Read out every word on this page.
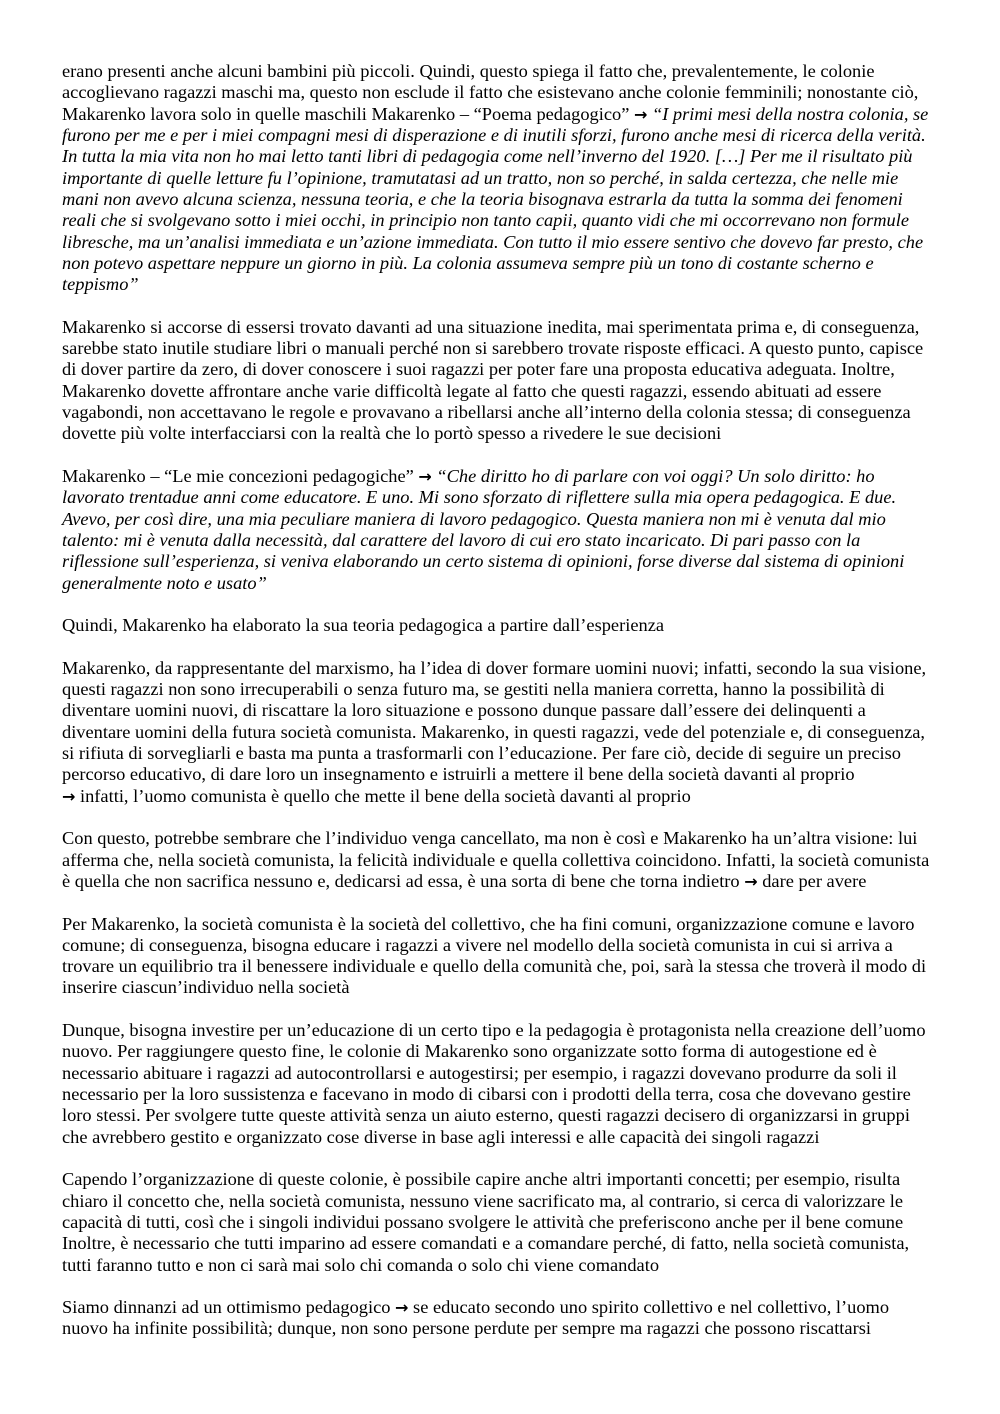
erano presenti anche alcuni bambini più piccoli. Quindi, questo spiega il fatto che, prevalentemente, le colonie
accoglievano ragazzi maschi ma, questo non esclude il fatto che esistevano anche colonie femminili; nonostante ciò,
Makarenko lavora solo in quelle maschili Makarenko – “Poema pedagogico” → “I primi mesi della nostra colonia, se
furono per me e per i miei compagni mesi di disperazione e di inutili sforzi, furono anche mesi di ricerca della verità.
In tutta la mia vita non ho mai letto tanti libri di pedagogia come nell’inverno del 1920. […] Per me il risultato più
importante di quelle letture fu l’opinione, tramutatasi ad un tratto, non so perché, in salda certezza, che nelle mie
mani non avevo alcuna scienza, nessuna teoria, e che la teoria bisognava estrarla da tutta la somma dei fenomeni
reali che si svolgevano sotto i miei occhi, in principio non tanto capii, quanto vidi che mi occorrevano non formule
libresche, ma un’analisi immediata e un’azione immediata. Con tutto il mio essere sentivo che dovevo far presto, che
non potevo aspettare neppure un giorno in più. La colonia assumeva sempre più un tono di costante scherno e
teppismo”
Makarenko si accorse di essersi trovato davanti ad una situazione inedita, mai sperimentata prima e, di conseguenza,
sarebbe stato inutile studiare libri o manuali perché non si sarebbero trovate risposte efficaci. A questo punto, capisce
di dover partire da zero, di dover conoscere i suoi ragazzi per poter fare una proposta educativa adeguata. Inoltre,
Makarenko dovette affrontare anche varie difficoltà legate al fatto che questi ragazzi, essendo abituati ad essere
vagabondi, non accettavano le regole e provavano a ribellarsi anche all’interno della colonia stessa; di conseguenza
dovette più volte interfacciarsi con la realtà che lo portò spesso a rivedere le sue decisioni
Makarenko – “Le mie concezioni pedagogiche” → “Che diritto ho di parlare con voi oggi? Un solo diritto: ho
lavorato trentadue anni come educatore. E uno. Mi sono sforzato di riflettere sulla mia opera pedagogica. E due.
Avevo, per così dire, una mia peculiare maniera di lavoro pedagogico. Questa maniera non mi è venuta dal mio
talento: mi è venuta dalla necessità, dal carattere del lavoro di cui ero stato incaricato. Di pari passo con la
riflessione sull’esperienza, si veniva elaborando un certo sistema di opinioni, forse diverse dal sistema di opinioni
generalmente noto e usato”
Quindi, Makarenko ha elaborato la sua teoria pedagogica a partire dall’esperienza
Makarenko, da rappresentante del marxismo, ha l’idea di dover formare uomini nuovi; infatti, secondo la sua visione,
questi ragazzi non sono irrecuperabili o senza futuro ma, se gestiti nella maniera corretta, hanno la possibilità di
diventare uomini nuovi, di riscattare la loro situazione e possono dunque passare dall’essere dei delinquenti a
diventare uomini della futura società comunista. Makarenko, in questi ragazzi, vede del potenziale e, di conseguenza,
si rifiuta di sorvegliarli e basta ma punta a trasformarli con l’educazione. Per fare ciò, decide di seguire un preciso
percorso educativo, di dare loro un insegnamento e istruirli a mettere il bene della società davanti al proprio
→ infatti, l’uomo comunista è quello che mette il bene della società davanti al proprio
Con questo, potrebbe sembrare che l’individuo venga cancellato, ma non è così e Makarenko ha un’altra visione: lui
afferma che, nella società comunista, la felicità individuale e quella collettiva coincidono. Infatti, la società comunista
è quella che non sacrifica nessuno e, dedicarsi ad essa, è una sorta di bene che torna indietro → dare per avere
Per Makarenko, la società comunista è la società del collettivo, che ha fini comuni, organizzazione comune e lavoro
comune; di conseguenza, bisogna educare i ragazzi a vivere nel modello della società comunista in cui si arriva a
trovare un equilibrio tra il benessere individuale e quello della comunità che, poi, sarà la stessa che troverà il modo di
inserire ciascun’individuo nella società
Dunque, bisogna investire per un’educazione di un certo tipo e la pedagogia è protagonista nella creazione dell’uomo
nuovo. Per raggiungere questo fine, le colonie di Makarenko sono organizzate sotto forma di autogestione ed è
necessario abituare i ragazzi ad autocontrollarsi e autogestirsi; per esempio, i ragazzi dovevano produrre da soli il
necessario per la loro sussistenza e facevano in modo di cibarsi con i prodotti della terra, cosa che dovevano gestire
loro stessi. Per svolgere tutte queste attività senza un aiuto esterno, questi ragazzi decisero di organizzarsi in gruppi
che avrebbero gestito e organizzato cose diverse in base agli interessi e alle capacità dei singoli ragazzi
Capendo l’organizzazione di queste colonie, è possibile capire anche altri importanti concetti; per esempio, risulta
chiaro il concetto che, nella società comunista, nessuno viene sacrificato ma, al contrario, si cerca di valorizzare le
capacità di tutti, così che i singoli individui possano svolgere le attività che preferiscono anche per il bene comune
Inoltre, è necessario che tutti imparino ad essere comandati e a comandare perché, di fatto, nella società comunista,
tutti faranno tutto e non ci sarà mai solo chi comanda o solo chi viene comandato
Siamo dinnanzi ad un ottimismo pedagogico → se educato secondo uno spirito collettivo e nel collettivo, l’uomo
nuovo ha infinite possibilità; dunque, non sono persone perdute per sempre ma ragazzi che possono riscattarsi
